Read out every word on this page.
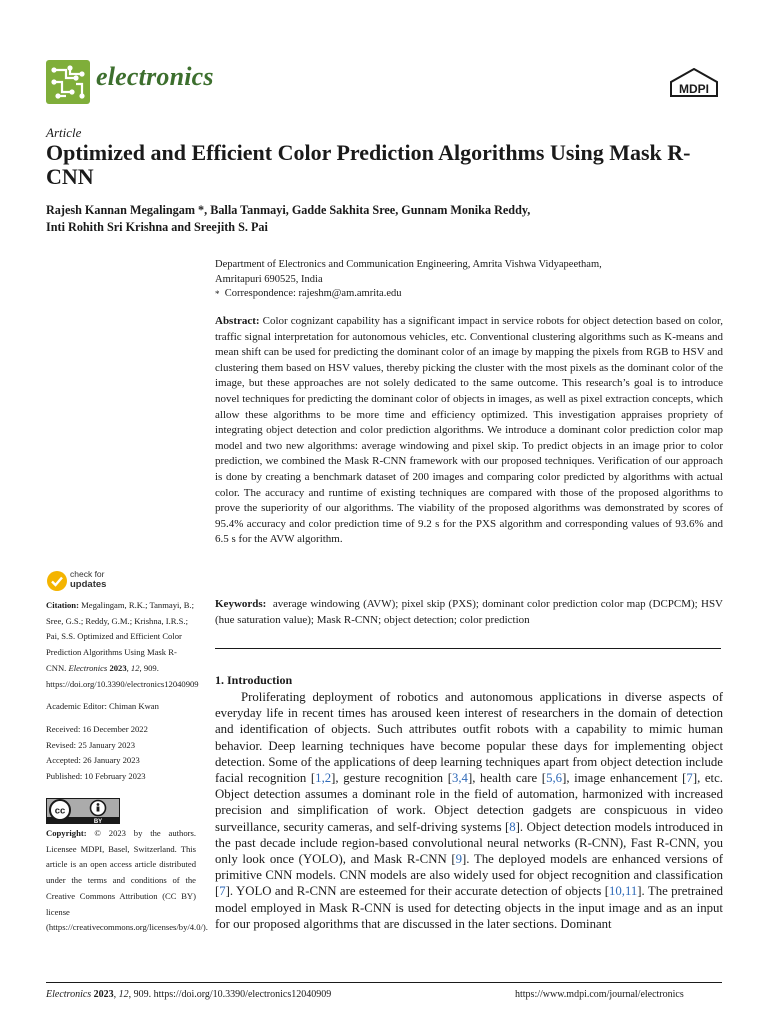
electronics	MDPI
Article
Optimized and Efficient Color Prediction Algorithms Using Mask R-CNN
Rajesh Kannan Megalingam *, Balla Tanmayi, Gadde Sakhita Sree, Gunnam Monika Reddy,
Inti Rohith Sri Krishna and Sreejith S. Pai
Department of Electronics and Communication Engineering, Amrita Vishwa Vidyapeetham,
Amritapuri 690525, India
* Correspondence: rajeshm@am.amrita.edu
Abstract: Color cognizant capability has a significant impact in service robots for object detection based on color, traffic signal interpretation for autonomous vehicles, etc. Conventional clustering algorithms such as K-means and mean shift can be used for predicting the dominant color of an image by mapping the pixels from RGB to HSV and clustering them based on HSV values, thereby picking the cluster with the most pixels as the dominant color of the image, but these approaches are not solely dedicated to the same outcome. This research’s goal is to introduce novel techniques for predicting the dominant color of objects in images, as well as pixel extraction concepts, which allow these algorithms to be more time and efficiency optimized. This investigation appraises propriety of integrating object detection and color prediction algorithms. We introduce a dominant color prediction color map model and two new algorithms: average windowing and pixel skip. To predict objects in an image prior to color prediction, we combined the Mask R-CNN framework with our proposed techniques. Verification of our approach is done by creating a benchmark dataset of 200 images and comparing color predicted by algorithms with actual color. The accuracy and runtime of existing techniques are compared with those of the proposed algorithms to prove the superiority of our algorithms. The viability of the proposed algorithms was demonstrated by scores of 95.4% accuracy and color prediction time of 9.2 s for the PXS algorithm and corresponding values of 93.6% and 6.5 s for the AVW algorithm.
Keywords: average windowing (AVW); pixel skip (PXS); dominant color prediction color map (DCPCM); HSV (hue saturation value); Mask R-CNN; object detection; color prediction
1. Introduction
Proliferating deployment of robotics and autonomous applications in diverse aspects of everyday life in recent times has aroused keen interest of researchers in the domain of detection and identification of objects. Such attributes outfit robots with a capability to mimic human behavior. Deep learning techniques have become popular these days for implementing object detection. Some of the applications of deep learning techniques apart from object detection include facial recognition [1,2], gesture recognition [3,4], health care [5,6], image enhancement [7], etc. Object detection assumes a dominant role in the field of automation, harmonized with increased precision and simplification of work. Object detection gadgets are conspicuous in video surveillance, security cameras, and self-driving systems [8]. Object detection models introduced in the past decade include region-based convolutional neural networks (R-CNN), Fast R-CNN, you only look once (YOLO), and Mask R-CNN [9]. The deployed models are enhanced versions of primitive CNN models. CNN models are also widely used for object recognition and classification [7]. YOLO and R-CNN are esteemed for their accurate detection of objects [10,11]. The pretrained model employed in Mask R-CNN is used for detecting objects in the input image and as an input for our proposed algorithms that are discussed in the later sections. Dominant
check for
updates
Citation: Megalingam, R.K.; Tanmayi, B.; Sree, G.S.; Reddy, G.M.; Krishna, I.R.S.; Pai, S.S. Optimized and Efficient Color Prediction Algorithms Using Mask R-CNN. Electronics 2023, 12, 909. https://doi.org/10.3390/electronics12040909
Academic Editor: Chiman Kwan
Received: 16 December 2022
Revised: 25 January 2023
Accepted: 26 January 2023
Published: 10 February 2023
cc
BY
Copyright: © 2023 by the authors. Licensee MDPI, Basel, Switzerland. This article is an open access article distributed under the terms and conditions of the Creative Commons Attribution (CC BY) license (https://creativecommons.org/licenses/by/4.0/).
Electronics 2023, 12, 909. https://doi.org/10.3390/electronics12040909	https://www.mdpi.com/journal/electronics
